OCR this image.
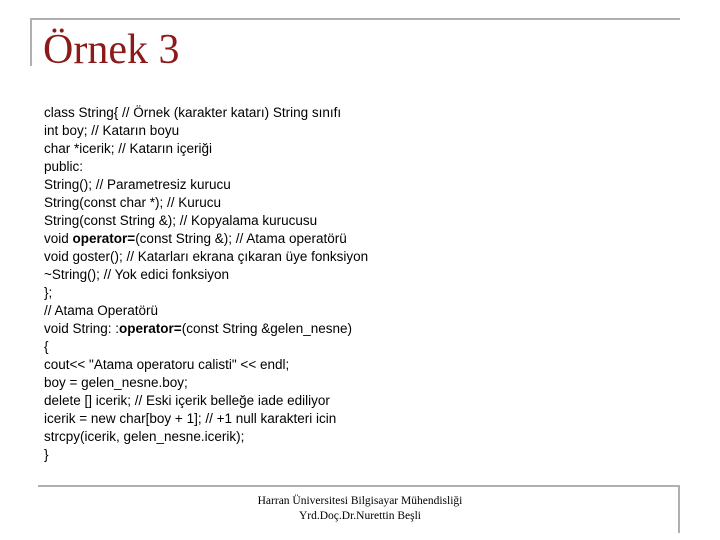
Örnek 3
class String{ // Örnek (karakter katarı) String sınıfı
int boy; // Katarın boyu
char *icerik; // Katarın içeriği
public:
String(); // Parametresiz kurucu
String(const char *); // Kurucu
String(const String &); // Kopyalama kurucusu
void operator=(const String &); // Atama operatörü
void goster(); // Katarları ekrana çıkaran üye fonksiyon
~String(); // Yok edici fonksiyon
};
// Atama Operatörü
void String: :operator=(const String &gelen_nesne)
{
cout<< "Atama operatoru calisti" << endl;
boy = gelen_nesne.boy;
delete [] icerik; // Eski içerik belleğe iade ediliyor
icerik = new char[boy + 1]; // +1 null karakteri icin
strcpy(icerik, gelen_nesne.icerik);
}
Harran Üniversitesi Bilgisayar Mühendisliği
Yrd.Doç.Dr.Nurettin Beşli
